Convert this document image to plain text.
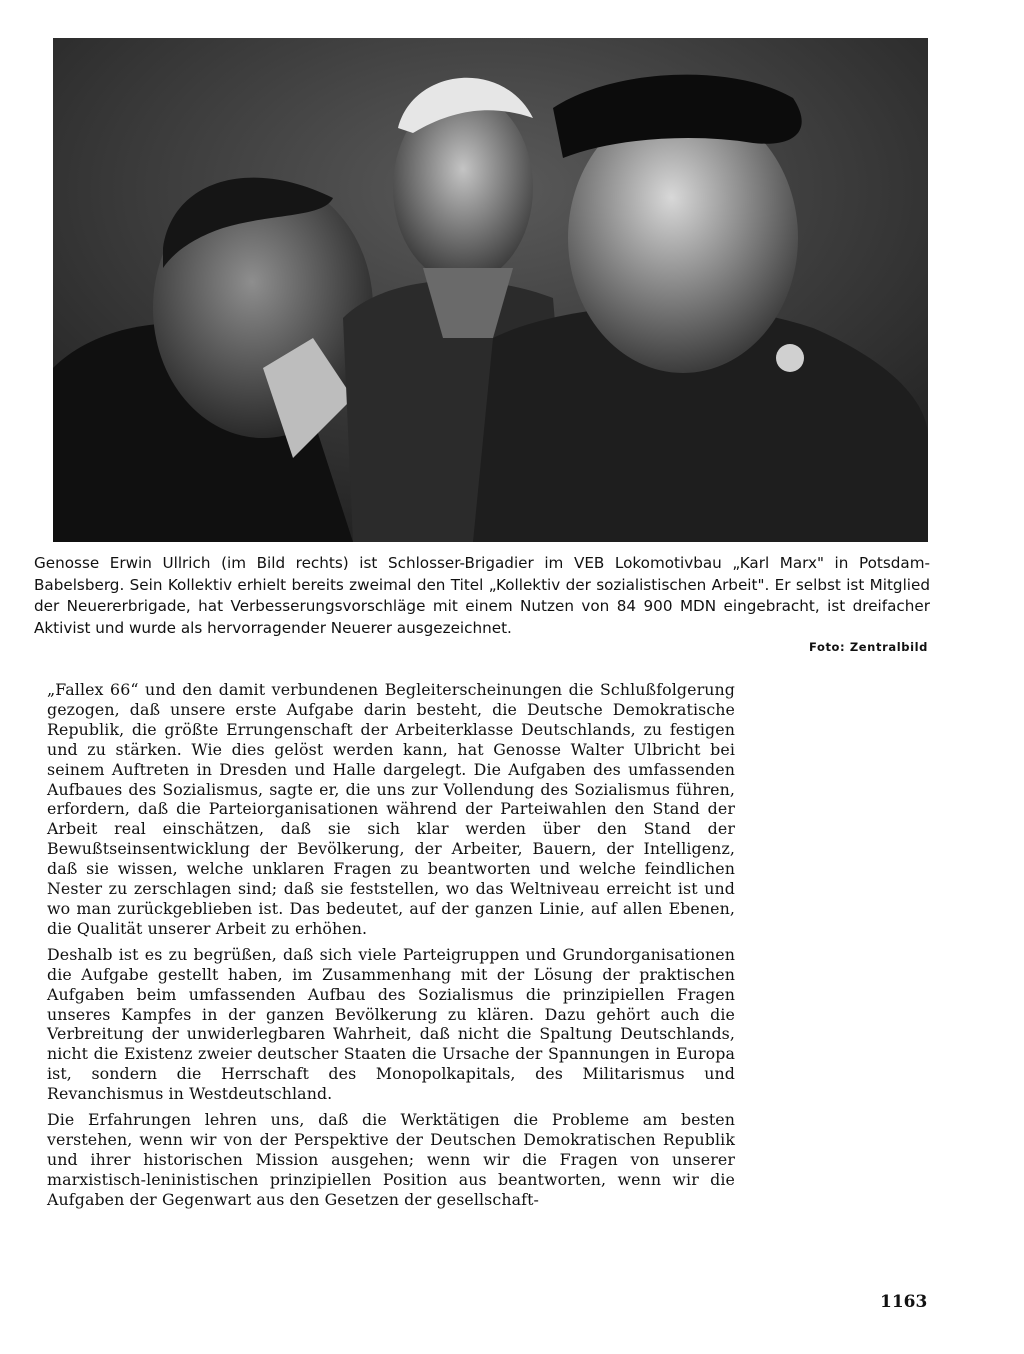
Genosse Erwin Ullrich (im Bild rechts) ist Schlosser-Brigadier im VEB Lokomotivbau „Karl Marx" in Potsdam-Babelsberg. Sein Kollektiv erhielt bereits zweimal den Titel „Kollektiv der sozialistischen Arbeit". Er selbst ist Mitglied der Neuererbrigade, hat Verbesserungsvorschläge mit einem Nutzen von 84 900 MDN eingebracht, ist dreifacher Aktivist und wurde als hervorragender Neuerer ausgezeichnet.

Foto: Zentralbild

„Fallex 66“ und den damit verbundenen Begleiterscheinungen die Schlußfolgerung gezogen, daß unsere erste Aufgabe darin besteht, die Deutsche Demokratische Republik, die größte Errungenschaft der Arbeiterklasse Deutschlands, zu festigen und zu stärken. Wie dies gelöst werden kann, hat Genosse Walter Ulbricht bei seinem Auftreten in Dresden und Halle dargelegt. Die Aufgaben des umfassenden Aufbaues des Sozialismus, sagte er, die uns zur Vollendung des Sozialismus führen, erfordern, daß die Parteiorganisationen während der Parteiwahlen den Stand der Arbeit real einschätzen, daß sie sich klar werden über den Stand der Bewußtseinsentwicklung der Bevölkerung, der Arbeiter, Bauern, der Intelligenz, daß sie wissen, welche unklaren Fragen zu beantworten und welche feindlichen Nester zu zerschlagen sind; daß sie feststellen, wo das Weltniveau erreicht ist und wo man zurückgeblieben ist. Das bedeutet, auf der ganzen Linie, auf allen Ebenen, die Qualität unserer Arbeit zu erhöhen.

Deshalb ist es zu begrüßen, daß sich viele Parteigruppen und Grundorganisationen die Aufgabe gestellt haben, im Zusammenhang mit der Lösung der praktischen Aufgaben beim umfassenden Aufbau des Sozialismus die prinzipiellen Fragen unseres Kampfes in der ganzen Bevölkerung zu klären. Dazu gehört auch die Verbreitung der unwiderlegbaren Wahrheit, daß nicht die Spaltung Deutschlands, nicht die Existenz zweier deutscher Staaten die Ursache der Spannungen in Europa ist, sondern die Herrschaft des Monopolkapitals, des Militarismus und Revanchismus in Westdeutschland.

Die Erfahrungen lehren uns, daß die Werktätigen die Probleme am besten verstehen, wenn wir von der Perspektive der Deutschen Demokratischen Republik und ihrer historischen Mission ausgehen; wenn wir die Fragen von unserer marxistisch-leninistischen prinzipiellen Position aus beantworten, wenn wir die Aufgaben der Gegenwart aus den Gesetzen der gesellschaft-

1163
